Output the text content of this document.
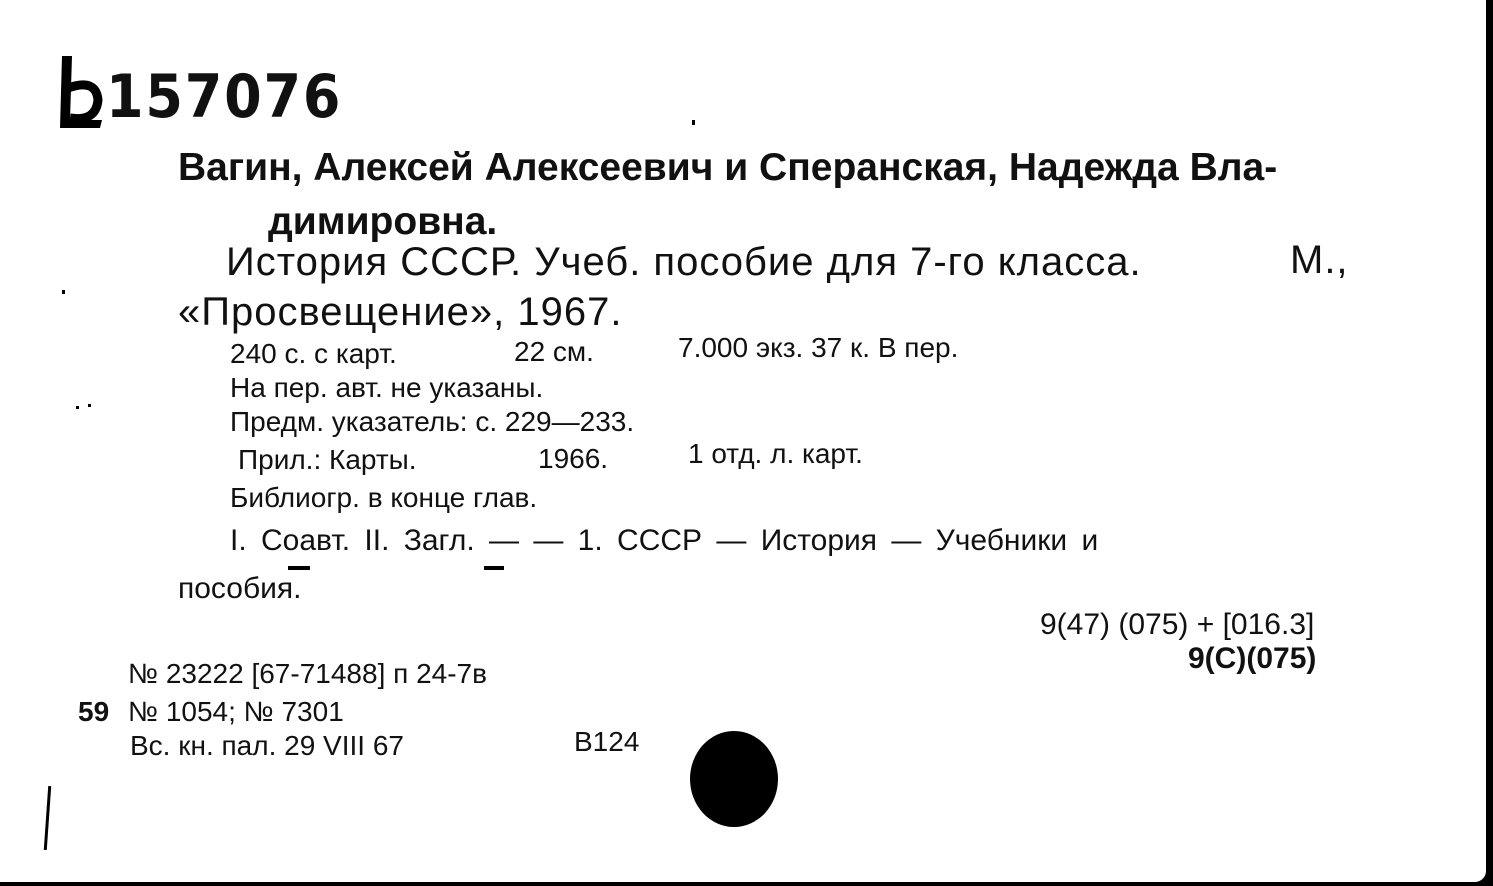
157076
Вагин, Алексей Алексеевич и Сперанская, Надежда Вла-
димировна.
История СССР. Учеб. пособие для 7-го класса.	М.,
«Просвещение», 1967.
240 с. с карт.	22 см.	7.000 экз. 37 к. В пер.
На пер. авт. не указаны.
Предм. указатель: с. 229—233.
Прил.: Карты.	1966.	1 отд. л. карт.
Библиогр. в конце глав.
I. Соавт. II. Загл. — — 1. СССР — История — Учебники и
пособия.
9(47) (075) + [016.3]
9(С)(075)
№ 23222 [67-71488] п 24-7в
59 № 1054; № 7301
Вс. кн. пал. 29 VIII 67	В124
